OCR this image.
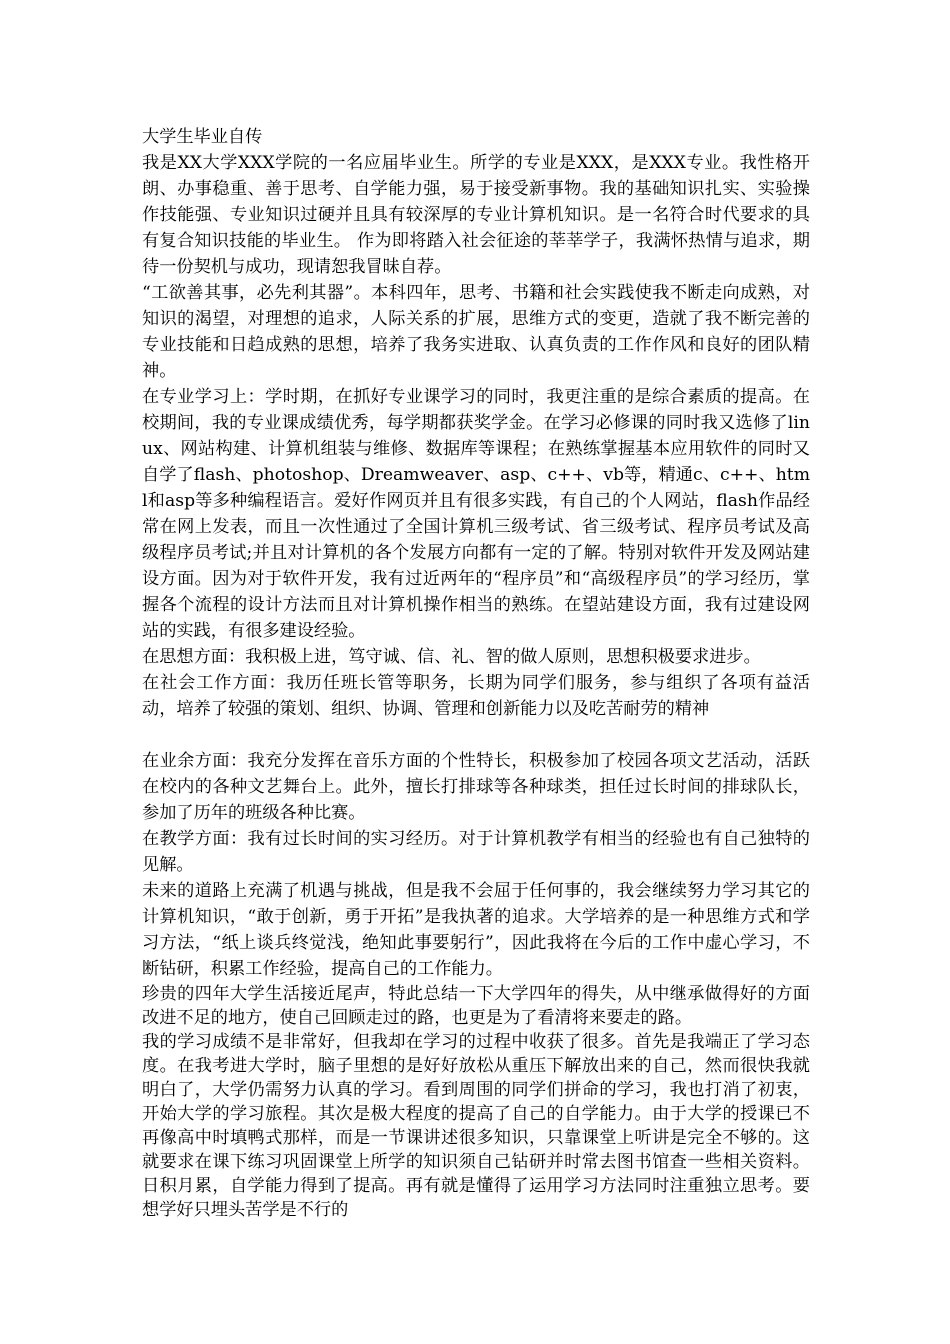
大学生毕业自传

我是XX大学XXX学院的一名应届毕业生。所学的专业是XXX，是XXX专业。我性格开朗、办事稳重、善于思考、自学能力强，易于接受新事物。我的基础知识扎实、实验操作技能强、专业知识过硬并且具有较深厚的专业计算机知识。是一名符合时代要求的具有复合知识技能的毕业生。 作为即将踏入社会征途的莘莘学子，我满怀热情与追求，期待一份契机与成功，现请恕我冒昧自荐。

“工欲善其事，必先利其器”。本科四年，思考、书籍和社会实践使我不断走向成熟，对知识的渴望，对理想的追求，人际关系的扩展，思维方式的变更，造就了我不断完善的专业技能和日趋成熟的思想，培养了我务实进取、认真负责的工作作风和良好的团队精神。

在专业学习上：学时期，在抓好专业课学习的同时，我更注重的是综合素质的提高。在校期间，我的专业课成绩优秀，每学期都获奖学金。在学习必修课的同时我又选修了linux、网站构建、计算机组装与维修、数据库等课程；在熟练掌握基本应用软件的同时又自学了flash、photoshop、Dreamweaver、asp、c++、vb等，精通c、c++、html和asp等多种编程语言。爱好作网页并且有很多实践，有自己的个人网站，flash作品经常在网上发表，而且一次性通过了全国计算机三级考试、省三级考试、程序员考试及高级程序员考试;并且对计算机的各个发展方向都有一定的了解。特别对软件开发及网站建设方面。因为对于软件开发，我有过近两年的“程序员”和“高级程序员”的学习经历，掌握各个流程的设计方法而且对计算机操作相当的熟练。在望站建设方面，我有过建设网站的实践，有很多建设经验。

在思想方面：我积极上进，笃守诚、信、礼、智的做人原则，思想积极要求进步。

在社会工作方面：我历任班长管等职务，长期为同学们服务，参与组织了各项有益活动，培养了较强的策划、组织、协调、管理和创新能力以及吃苦耐劳的精神

在业余方面：我充分发挥在音乐方面的个性特长，积极参加了校园各项文艺活动，活跃在校内的各种文艺舞台上。此外，擅长打排球等各种球类，担任过长时间的排球队长，参加了历年的班级各种比赛。

在教学方面：我有过长时间的实习经历。对于计算机教学有相当的经验也有自己独特的见解。

未来的道路上充满了机遇与挑战，但是我不会屈于任何事的，我会继续努力学习其它的计算机知识，“敢于创新，勇于开拓”是我执著的追求。大学培养的是一种思维方式和学习方法，“纸上谈兵终觉浅，绝知此事要躬行”，因此我将在今后的工作中虚心学习，不断钻研，积累工作经验，提高自己的工作能力。

珍贵的四年大学生活接近尾声，特此总结一下大学四年的得失，从中继承做得好的方面改进不足的地方，使自己回顾走过的路，也更是为了看清将来要走的路。

我的学习成绩不是非常好，但我却在学习的过程中收获了很多。首先是我端正了学习态度。在我考进大学时，脑子里想的是好好放松从重压下解放出来的自己，然而很快我就明白了，大学仍需努力认真的学习。看到周围的同学们拼命的学习，我也打消了初衷，开始大学的学习旅程。其次是极大程度的提高了自己的自学能力。由于大学的授课已不再像高中时填鸭式那样，而是一节课讲述很多知识，只靠课堂上听讲是完全不够的。这就要求在课下练习巩固课堂上所学的知识须自己钻研并时常去图书馆查一些相关资料。日积月累，自学能力得到了提高。再有就是懂得了运用学习方法同时注重独立思考。要想学好只埋头苦学是不行的
